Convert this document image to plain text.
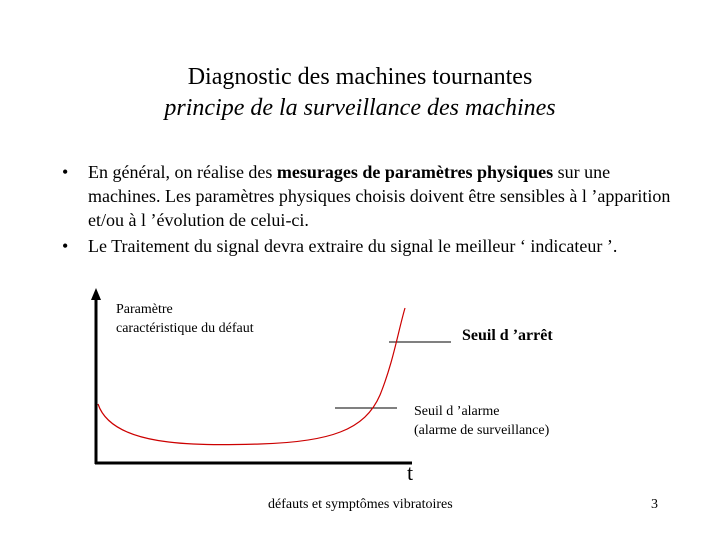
Diagnostic des machines tournantes
principe de la surveillance des machines
• En général, on réalise des mesurages de paramètres physiques sur une machines. Les paramètres physiques choisis doivent être sensibles à l ’apparition et/ou à l ’évolution de celui-ci.
• Le Traitement du signal devra extraire du signal le meilleur ‘ indicateur ’.
Paramètre
caractéristique du défaut	Seuil d ’arrêt
Seuil d ’alarme
(alarme de surveillance)
t
défauts et symptômes vibratoires	3
